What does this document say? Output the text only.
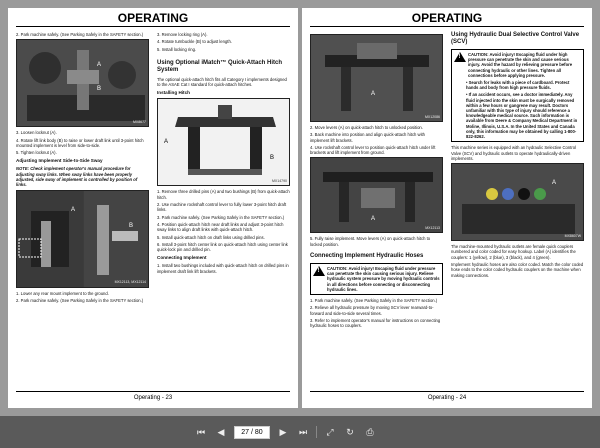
OPERATING

2. Park machine safely. (See Parking Safely in the SAFETY section.)

A
B
MX8677

3. Loosen locknut (A).

4. Rotate lift link body (B) to raise or lower draft link until 3-point hitch mounted implement is level from side-to-side.

5. Tighten locknut (A).

Adjusting Implement Side-to-Side Sway

NOTE: Check implement operator's manual procedure for adjusting sway links. When sway links have been properly adjusted, side sway of implement is controlled by position of links.

A
B
MX12113, MX12114

1. Lower any rear mount implement to the ground.

2. Park machine safely. (See Parking Safely in the SAFETY section.)

3. Remove locking ring (A).

4. Rotate turnbuckle (B) to adjust length.

5. Install locking ring.

Using Optional iMatch™ Quick-Attach Hitch System

The optional quick-attach hitch fits all Category I implements designed to the ASAE Cat I standard for quick-attach hitches.

Installing Hitch
A
B
MX14790

1. Remove three drilled pins (A) and two bushings (B) from quick-attach hitch.

2. Use machine rockshaft control lever to fully lower 3-point hitch draft links.

3. Park machine safely. (See Parking Safely in the SAFETY section.)

4. Position quick-attach hitch near draft links and adjust 3-point hitch sway links to align draft links with quick-attach hitch.

5. Install quick-attach hitch on draft links using drilled pins.

6. Install 3-point hitch center link on quick-attach hitch using center link quick-lock pin and drilled pin.

Connecting Implement

1. Install two bushings included with quick-attach hitch on drilled pins in implement draft link lift brackets.

Operating - 23
OPERATING
A
MX12086

2. Move levers (A) on quick-attach hitch to unlocked position.

3. Back machine into position and align quick-attach hitch with implement lift brackets.

4. Use rockshaft control lever to position quick-attach hitch under lift brackets and lift implement from ground.

A
MX12113

5. Fully raise implement. Move levers (A) on quick-attach hitch to locked position.

Connecting Implement Hydraulic Hoses
!
CAUTION: Avoid injury! Escaping fluid under pressure can penetrate the skin causing serious injury. Relieve hydraulic system pressure by moving hydraulic controls in all directions before connecting or disconnecting hydraulic lines.

1. Park machine safely. (See Parking Safely in the SAFETY section.)

2. Relieve all hydraulic pressure by moving SCV lever rearward-to-forward and side-to-side several times.

3. Refer to implement operator's manual for instructions on connecting hydraulic hoses to couplers.

Using Hydraulic Dual Selective Control Valve (SCV)
!
CAUTION: Avoid injury! Escaping fluid under high pressure can penetrate the skin and cause serious injury. Avoid the hazard by relieving pressure before connecting hydraulic or other lines. Tighten all connections before applying pressure.

• Search for leaks with a piece of cardboard. Protect hands and body from high pressure fluids.

• If an accident occurs, see a doctor immediately. Any fluid injected into the skin must be surgically removed within a few hours or gangrene may result. Doctors unfamiliar with this type of injury should reference a knowledgeable medical source. Such information is available from Deere & Company Medical Department in Moline, Illinois, U.S.A. In the United States and Canada only, this information may be obtained by calling 1-800-822-8262.

This machine series is equipped with an hydraulic Selective Control Valve (SCV) and hydraulic outlets to operate hydraulically-driven implements.

A
MX8607W

The machine-mounted hydraulic outlets are female quick couplers numbered and color coded for easy hookup. Label (A) identifies the couplers: 1 (yellow), 2 (blue), 3 (black), and 4 (green).

Implement hydraulic hoses are also color coded. Match the color coded hose ends to the color coded hydraulic couplers on the machine when making connections.

Operating - 24
⏮	◀	27 / 80	▶	⏭	⤢	↻	⎙
